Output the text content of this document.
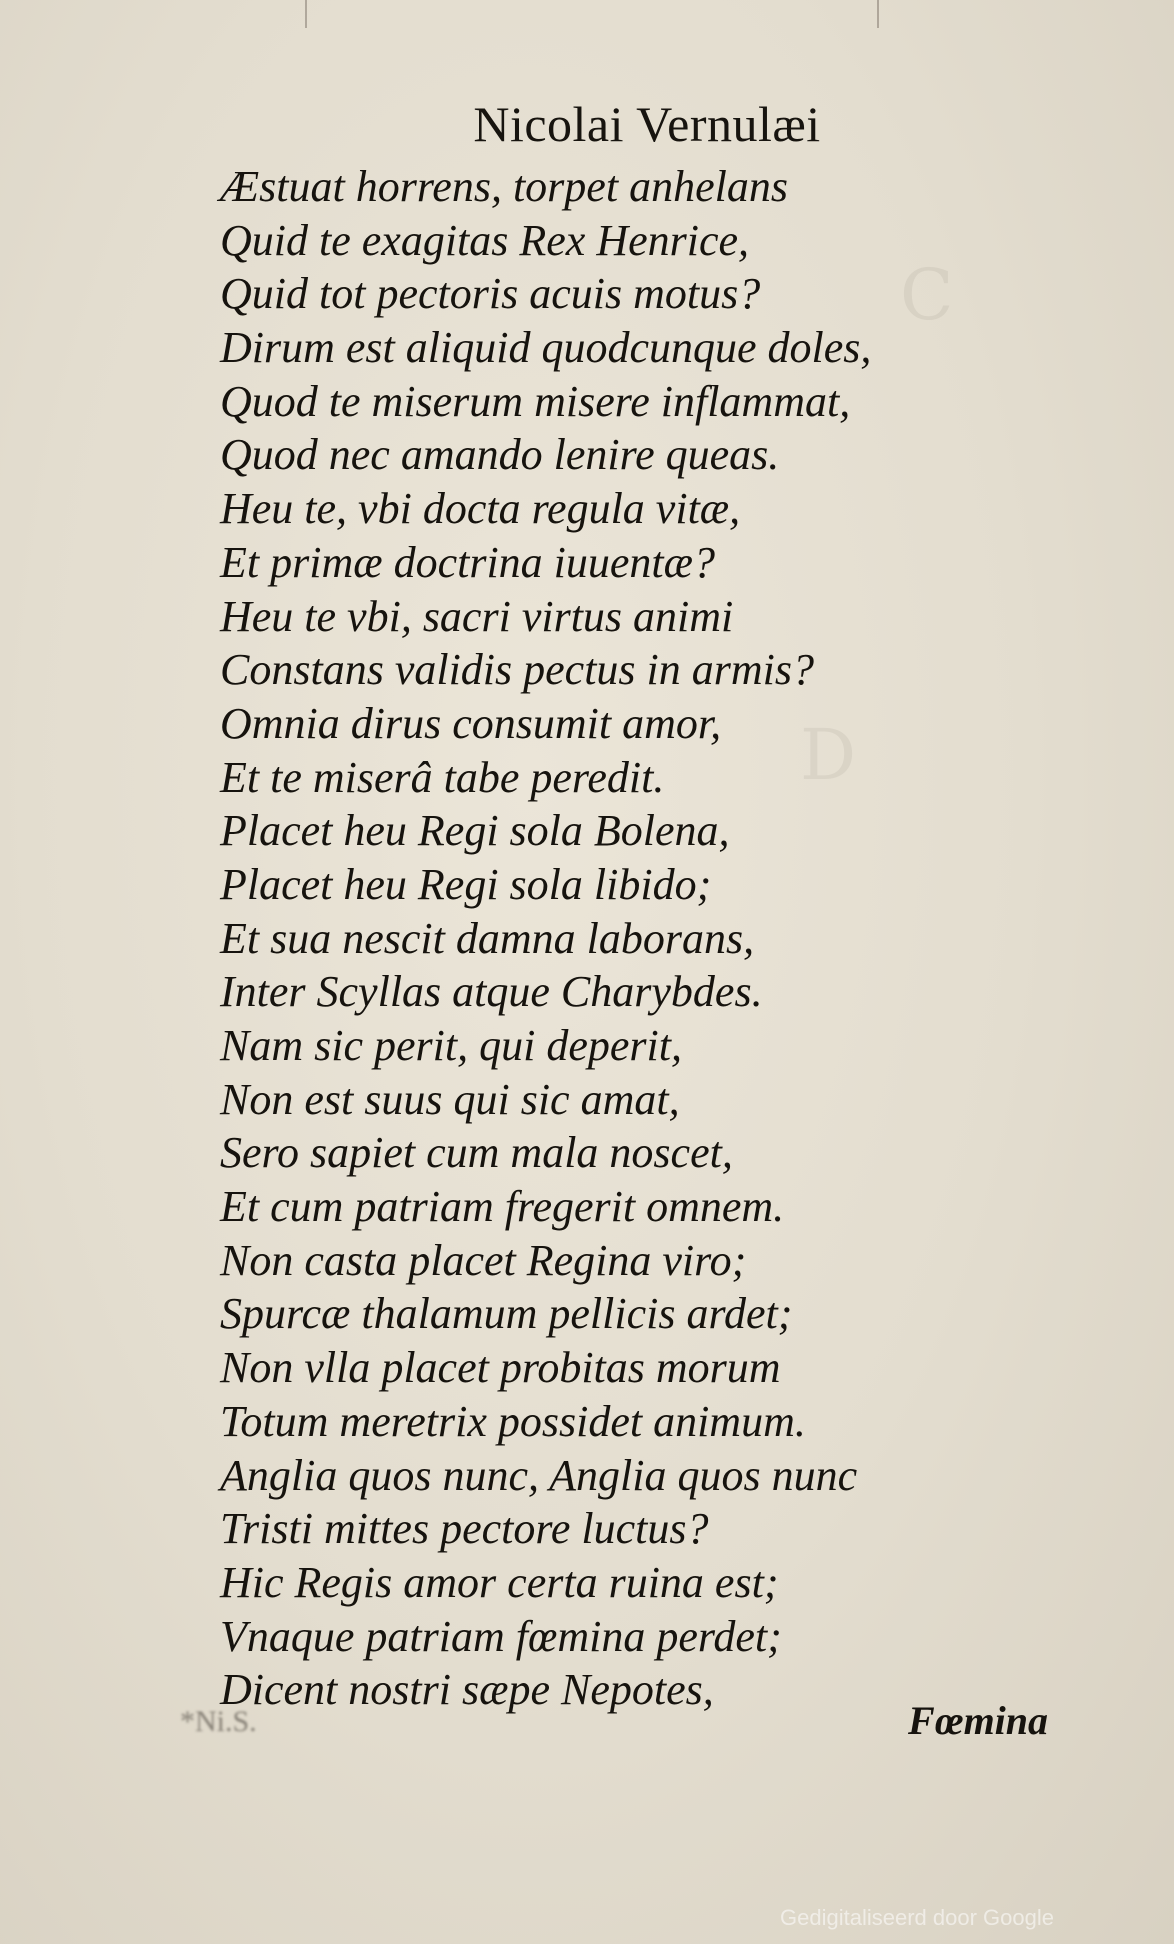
C
D
Nicolai Vernulæi
Æstuat horrens, torpet anhelans
Quid te exagitas Rex Henrice,
Quid tot pectoris acuis motus?
Dirum est aliquid quodcunque doles,
Quod te miserum misere inflammat,
Quod nec amando lenire queas.
Heu te, vbi docta regula vitæ,
Et primæ doctrina iuuentæ?
Heu te vbi, sacri virtus animi
Constans validis pectus in armis?
Omnia dirus consumit amor,
Et te miserâ tabe peredit.
Placet heu Regi sola Bolena,
Placet heu Regi sola libido;
Et sua nescit damna laborans,
Inter Scyllas atque Charybdes.
Nam sic perit, qui deperit,
Non est suus qui sic amat,
Sero sapiet cum mala noscet,
Et cum patriam fregerit omnem.
Non casta placet Regina viro;
Spurcæ thalamum pellicis ardet;
Non vlla placet probitas morum
Totum meretrix possidet animum.
Anglia quos nunc, Anglia quos nunc
Tristi mittes pectore luctus?
Hic Regis amor certa ruina est;
Vnaque patriam fœmina perdet;
Dicent nostri sæpe Nepotes,
*Ni.S.	Fœmina
Gedigitaliseerd door Google
